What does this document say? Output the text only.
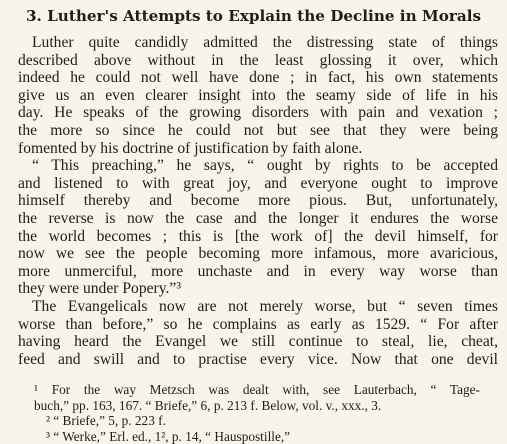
3. Luther's Attempts to Explain the Decline in Morals
Luther quite candidly admitted the distressing state of things
described above without in the least glossing it over, which
indeed he could not well have done ; in fact, his own statements
give us an even clearer insight into the seamy side of life in his
day. He speaks of the growing disorders with pain and vexation ;
the more so since he could not but see that they were being
fomented by his doctrine of justification by faith alone.
“ This preaching,” he says, “ ought by rights to be accepted
and listened to with great joy, and everyone ought to improve
himself thereby and become more pious. But, unfortunately,
the reverse is now the case and the longer it endures the worse
the world becomes ; this is [the work of] the devil himself, for
now we see the people becoming more infamous, more avaricious,
more unmerciful, more unchaste and in every way worse than
they were under Popery.”³
The Evangelicals now are not merely worse, but “ seven times
worse than before,” so he complains as early as 1529. “ For after
having heard the Evangel we still continue to steal, lie, cheat,
feed and swill and to practise every vice. Now that one devil
¹ For the way Metzsch was dealt with, see Lauterbach, “ Tage-
buch,” pp. 163, 167. “ Briefe,” 6, p. 213 f. Below, vol. v., xxx., 3.
² “ Briefe,” 5, p. 223 f.
³ “ Werke,” Erl. ed., 1², p. 14, “ Hauspostille,”
